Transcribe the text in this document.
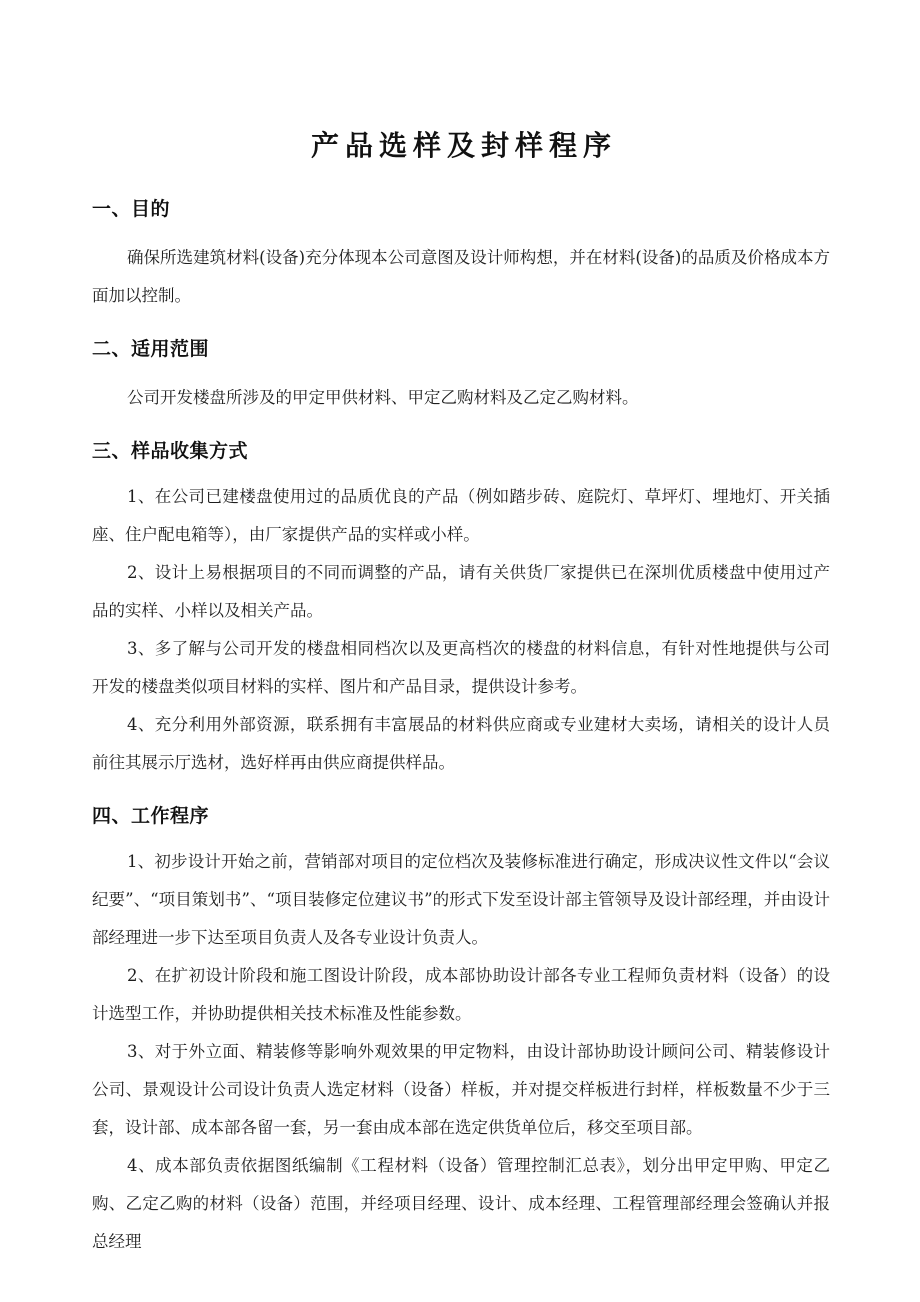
产品选样及封样程序
一、目的

确保所选建筑材料(设备)充分体现本公司意图及设计师构想，并在材料(设备)的品质及价格成本方面加以控制。

二、适用范围

公司开发楼盘所涉及的甲定甲供材料、甲定乙购材料及乙定乙购材料。

三、样品收集方式

1、在公司已建楼盘使用过的品质优良的产品（例如踏步砖、庭院灯、草坪灯、埋地灯、开关插座、住户配电箱等），由厂家提供产品的实样或小样。

2、设计上易根据项目的不同而调整的产品，请有关供货厂家提供已在深圳优质楼盘中使用过产品的实样、小样以及相关产品。

3、多了解与公司开发的楼盘相同档次以及更高档次的楼盘的材料信息，有针对性地提供与公司开发的楼盘类似项目材料的实样、图片和产品目录，提供设计参考。

4、充分利用外部资源，联系拥有丰富展品的材料供应商或专业建材大卖场，请相关的设计人员前往其展示厅选材，选好样再由供应商提供样品。

四、工作程序

1、初步设计开始之前，营销部对项目的定位档次及装修标准进行确定，形成决议性文件以“会议纪要”、“项目策划书”、“项目装修定位建议书”的形式下发至设计部主管领导及设计部经理，并由设计部经理进一步下达至项目负责人及各专业设计负责人。

2、在扩初设计阶段和施工图设计阶段，成本部协助设计部各专业工程师负责材料（设备）的设计选型工作，并协助提供相关技术标准及性能参数。

3、对于外立面、精装修等影响外观效果的甲定物料，由设计部协助设计顾问公司、精装修设计公司、景观设计公司设计负责人选定材料（设备）样板，并对提交样板进行封样，样板数量不少于三套，设计部、成本部各留一套，另一套由成本部在选定供货单位后，移交至项目部。

4、成本部负责依据图纸编制《工程材料（设备）管理控制汇总表》，划分出甲定甲购、甲定乙购、乙定乙购的材料（设备）范围，并经项目经理、设计、成本经理、工程管理部经理会签确认并报总经理
